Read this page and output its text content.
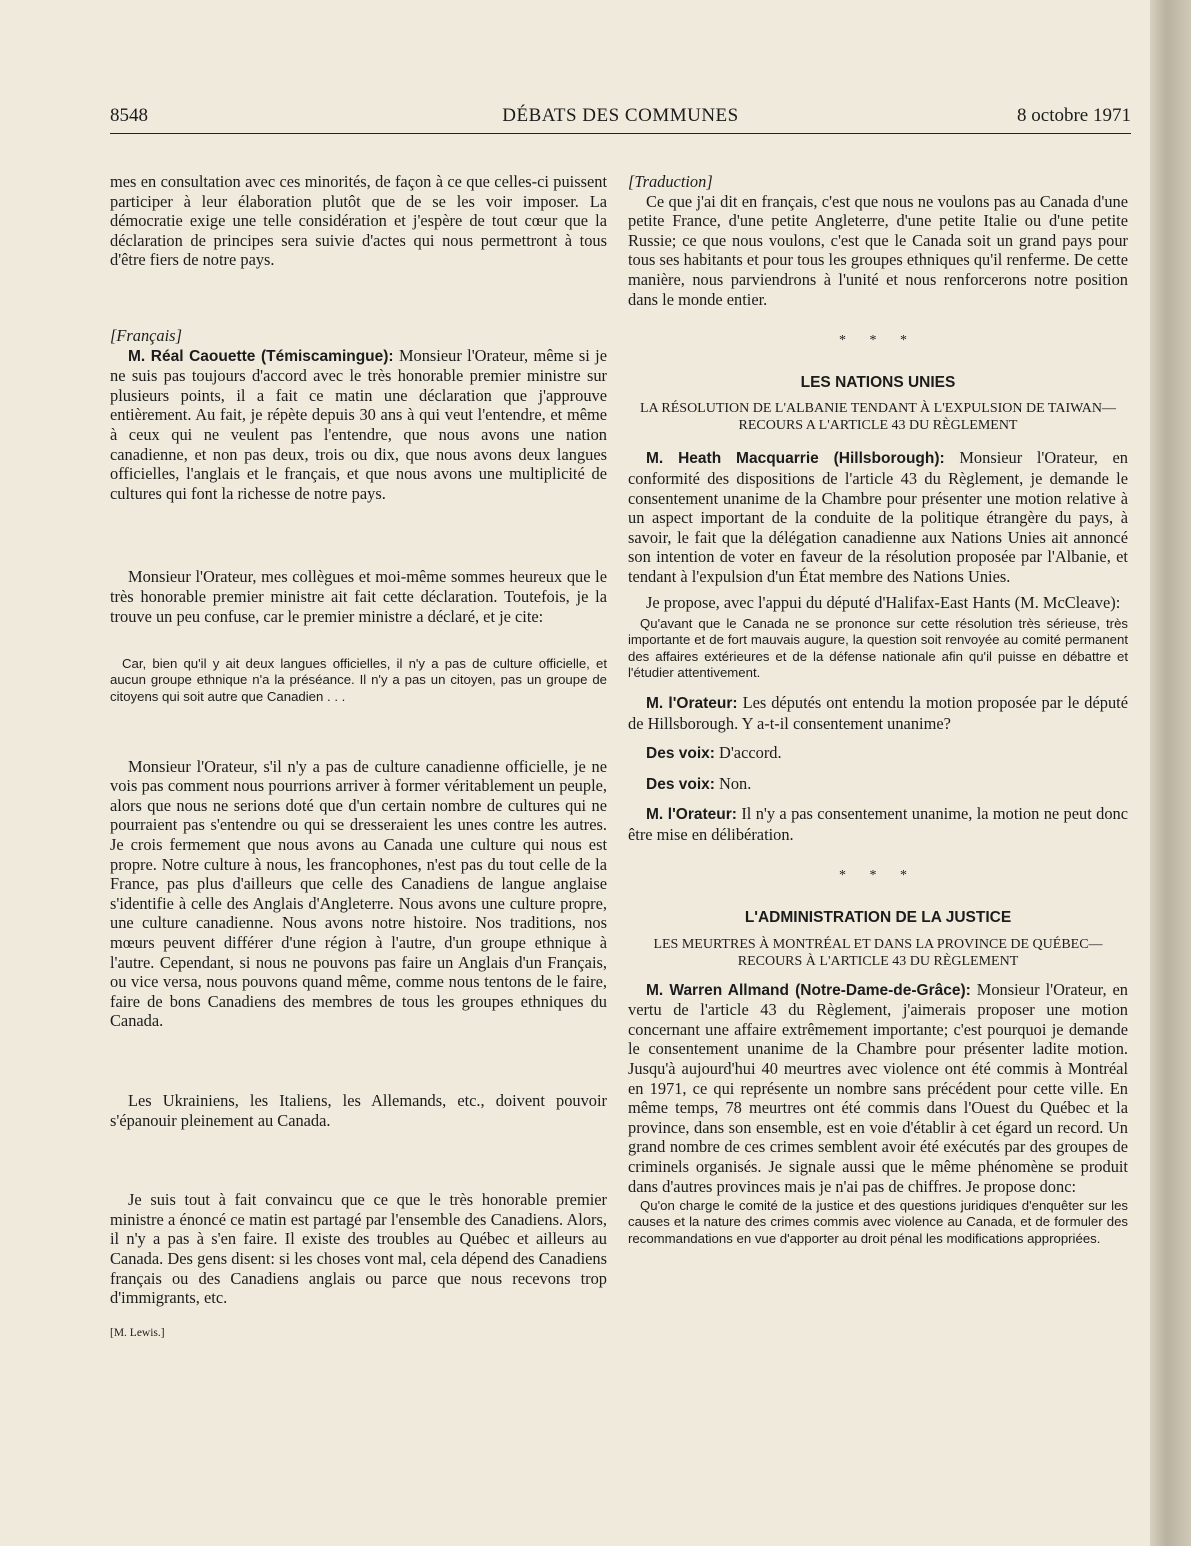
8548	DÉBATS DES COMMUNES	8 octobre 1971

mes en consultation avec ces minorités, de façon à ce que celles-ci puissent participer à leur élaboration plutôt que de se les voir imposer. La démocratie exige une telle considération et j'espère de tout cœur que la déclaration de principes sera suivie d'actes qui nous permettront à tous d'être fiers de notre pays.

[Français]

M. Réal Caouette (Témiscamingue): Monsieur l'Orateur, même si je ne suis pas toujours d'accord avec le très honorable premier ministre sur plusieurs points, il a fait ce matin une déclaration que j'approuve entièrement. Au fait, je répète depuis 30 ans à qui veut l'entendre, et même à ceux qui ne veulent pas l'entendre, que nous avons une nation canadienne, et non pas deux, trois ou dix, que nous avons deux langues officielles, l'anglais et le français, et que nous avons une multiplicité de cultures qui font la richesse de notre pays.

Monsieur l'Orateur, mes collègues et moi-même sommes heureux que le très honorable premier ministre ait fait cette déclaration. Toutefois, je la trouve un peu confuse, car le premier ministre a déclaré, et je cite:

Car, bien qu'il y ait deux langues officielles, il n'y a pas de culture officielle, et aucun groupe ethnique n'a la préséance. Il n'y a pas un citoyen, pas un groupe de citoyens qui soit autre que Canadien . . .

Monsieur l'Orateur, s'il n'y a pas de culture canadienne officielle, je ne vois pas comment nous pourrions arriver à former véritablement un peuple, alors que nous ne serions doté que d'un certain nombre de cultures qui ne pourraient pas s'entendre ou qui se dresseraient les unes contre les autres. Je crois fermement que nous avons au Canada une culture qui nous est propre. Notre culture à nous, les francophones, n'est pas du tout celle de la France, pas plus d'ailleurs que celle des Canadiens de langue anglaise s'identifie à celle des Anglais d'Angleterre. Nous avons une culture propre, une culture canadienne. Nous avons notre histoire. Nos traditions, nos mœurs peuvent différer d'une région à l'autre, d'un groupe ethnique à l'autre. Cependant, si nous ne pouvons pas faire un Anglais d'un Français, ou vice versa, nous pouvons quand même, comme nous tentons de le faire, faire de bons Canadiens des membres de tous les groupes ethniques du Canada.

Les Ukrainiens, les Italiens, les Allemands, etc., doivent pouvoir s'épanouir pleinement au Canada.

Je suis tout à fait convaincu que ce que le très honorable premier ministre a énoncé ce matin est partagé par l'ensemble des Canadiens. Alors, il n'y a pas à s'en faire. Il existe des troubles au Québec et ailleurs au Canada. Des gens disent: si les choses vont mal, cela dépend des Canadiens français ou des Canadiens anglais ou parce que nous recevons trop d'immigrants, etc.

[M. Lewis.]

[Traduction]

Ce que j'ai dit en français, c'est que nous ne voulons pas au Canada d'une petite France, d'une petite Angleterre, d'une petite Italie ou d'une petite Russie; ce que nous voulons, c'est que le Canada soit un grand pays pour tous ses habitants et pour tous les groupes ethniques qu'il renferme. De cette manière, nous parviendrons à l'unité et nous renforcerons notre position dans le monde entier.

* * *

LES NATIONS UNIES

LA RÉSOLUTION DE L'ALBANIE TENDANT À L'EXPULSION DE TAIWAN—RECOURS A L'ARTICLE 43 DU RÈGLEMENT

M. Heath Macquarrie (Hillsborough): Monsieur l'Orateur, en conformité des dispositions de l'article 43 du Règlement, je demande le consentement unanime de la Chambre pour présenter une motion relative à un aspect important de la conduite de la politique étrangère du pays, à savoir, le fait que la délégation canadienne aux Nations Unies ait annoncé son intention de voter en faveur de la résolution proposée par l'Albanie, et tendant à l'expulsion d'un État membre des Nations Unies.

Je propose, avec l'appui du député d'Halifax-East Hants (M. McCleave):

Qu'avant que le Canada ne se prononce sur cette résolution très sérieuse, très importante et de fort mauvais augure, la question soit renvoyée au comité permanent des affaires extérieures et de la défense nationale afin qu'il puisse en débattre et l'étudier attentivement.

M. l'Orateur: Les députés ont entendu la motion proposée par le député de Hillsborough. Y a-t-il consentement unanime?

Des voix: D'accord.

Des voix: Non.

M. l'Orateur: Il n'y a pas consentement unanime, la motion ne peut donc être mise en délibération.

* * *

L'ADMINISTRATION DE LA JUSTICE

LES MEURTRES À MONTRÉAL ET DANS LA PROVINCE DE QUÉBEC—RECOURS À L'ARTICLE 43 DU RÈGLEMENT

M. Warren Allmand (Notre-Dame-de-Grâce): Monsieur l'Orateur, en vertu de l'article 43 du Règlement, j'aimerais proposer une motion concernant une affaire extrêmement importante; c'est pourquoi je demande le consentement unanime de la Chambre pour présenter ladite motion. Jusqu'à aujourd'hui 40 meurtres avec violence ont été commis à Montréal en 1971, ce qui représente un nombre sans précédent pour cette ville. En même temps, 78 meurtres ont été commis dans l'Ouest du Québec et la province, dans son ensemble, est en voie d'établir à cet égard un record. Un grand nombre de ces crimes semblent avoir été exécutés par des groupes de criminels organisés. Je signale aussi que le même phénomène se produit dans d'autres provinces mais je n'ai pas de chiffres. Je propose donc:

Qu'on charge le comité de la justice et des questions juridiques d'enquêter sur les causes et la nature des crimes commis avec violence au Canada, et de formuler des recommandations en vue d'apporter au droit pénal les modifications appropriées.
